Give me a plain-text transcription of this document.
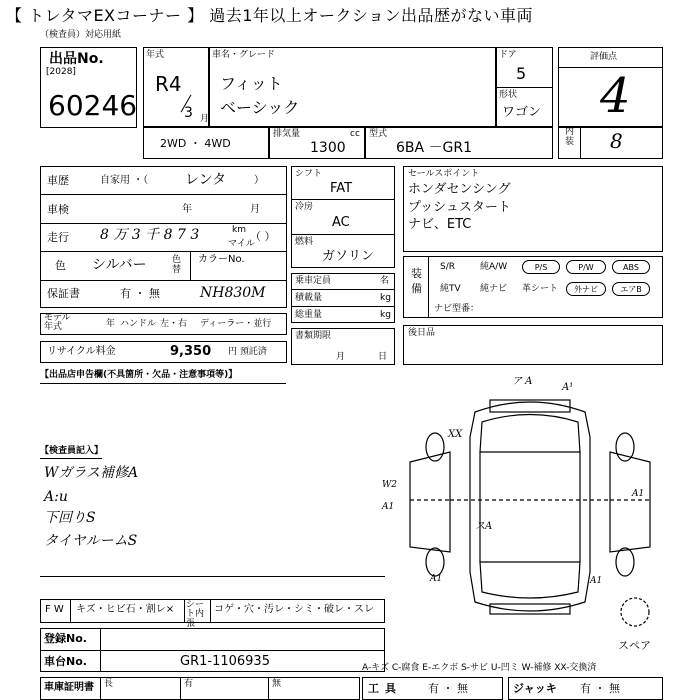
【 トレタマEXコーナー 】 過去1年以上オークション出品歴がない車両
（検査員）対応用紙
出品No.
[2028]
60246
年式
R4
3 月
車名・グレード
フィット
ベーシック
ドア
5
形状
ワゴン
2WD ・ 4WD
排気量	cc
1300
型式
6BA －GR1
評価点
4
内装 8
車歴	自家用 ・（	レンタ	）
車検	年	月
走行 8 万 3 千 8 7 3	km
マイル
（ ）
色 シルバー	色替
カラーNo.
保証書	有 ・ 無	NH830M
モデル年式	年 ハンドル 左・右 ディーラー・並行
リサイクル料金	9,350 円 預託済
シフト
FAT
冷房
AC
燃料
ガソリン
乗車定員	名
積載量	kg
総重量	kg
書類期限
月	日
セールスポイント
ホンダセンシング
プッシュスタート
ナビ、ETC
装備
S/R	純A/W	P/S	P/W	ABS
純TV 純ナビ 革シート	外ナビ	エアB
ナビ型番：
後日品
【出品店申告欄(不具箇所・欠品・注意事項等)】
【検査員記入】
Wガラス補修A
A:u
下回りS
タイヤルームS
ア A
A¹
XX
W2
A1
スA
A1
A1	A1
スペア
F W キズ・ヒビ石・割レ× シート内張
コゲ・穴・汚レ・シミ・破レ・スレ
登録No.
車台No.	GR1-1106935
車庫証明書 長	有	無
A-キズ C-腐食 E-エクボ S-サビ U-凹ミ W-補修 XX-交換済
工具 有 ・ 無	ジャッキ 有 ・ 無
